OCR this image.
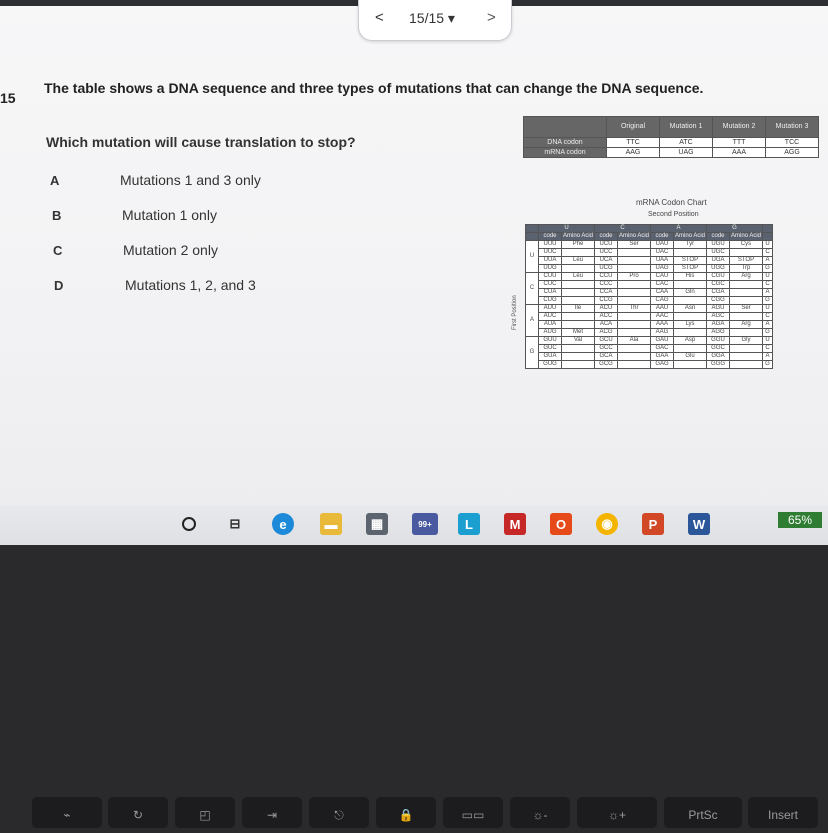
< 15/15 ▾ >
15
The table shows a DNA sequence and three types of mutations that can change the DNA sequence.
Which mutation will cause translation to stop?
A	Mutations 1 and 3 only
B	Mutation 1 only
C	Mutation 2 only
D	Mutations 1, 2, and 3
	Original	Mutation 1	Mutation 2	Mutation 3
DNA codon	TTC	ATC	TTT	TCC
mRNA codon	AAG	UAG	AAA	AGG
mRNA Codon Chart
Second Position
First Position
	U		C		A		G		
	code	Amino Acid	code	Amino Acid	code	Amino Acid	code	Amino Acid	
U	UUU	Phe	UCU	Ser	UAU	Tyr	UGU	Cys	U
	UUC		UCC		UAC		UGC		C
	UUA	Leu	UCA		UAA	STOP	UGA	STOP	A
	UUG		UCG		UAG	STOP	UGG	Trp	G
C	CUU	Leu	CCU	Pro	CAU	His	CGU	Arg	U
	CUC		CCC		CAC		CGC		C
	CUA		CCA		CAA	Gln	CGA		A
	CUG		CCG		CAG		CGG		G
A	AUU	Ile	ACU	Thr	AAU	Asn	AGU	Ser	U
	AUC		ACC		AAC		AGC		C
	AUA		ACA		AAA	Lys	AGA	Arg	A
	AUG	Met	ACG		AAG		AGG		G
G	GUU	Val	GCU	Ala	GAU	Asp	GGU	Gly	U
	GUC		GCC		GAC		GGC		C
	GUA		GCA		GAA	Glu	GGA		A
	GUG		GCG		GAG		GGG		G
⊟	e	▬	▦	99+	L	M	O	◉	P	W	65%
⌁	↻	◰	⇥	⎋	🔒	▭▭	☼-	☼+	PrtSc	Insert
